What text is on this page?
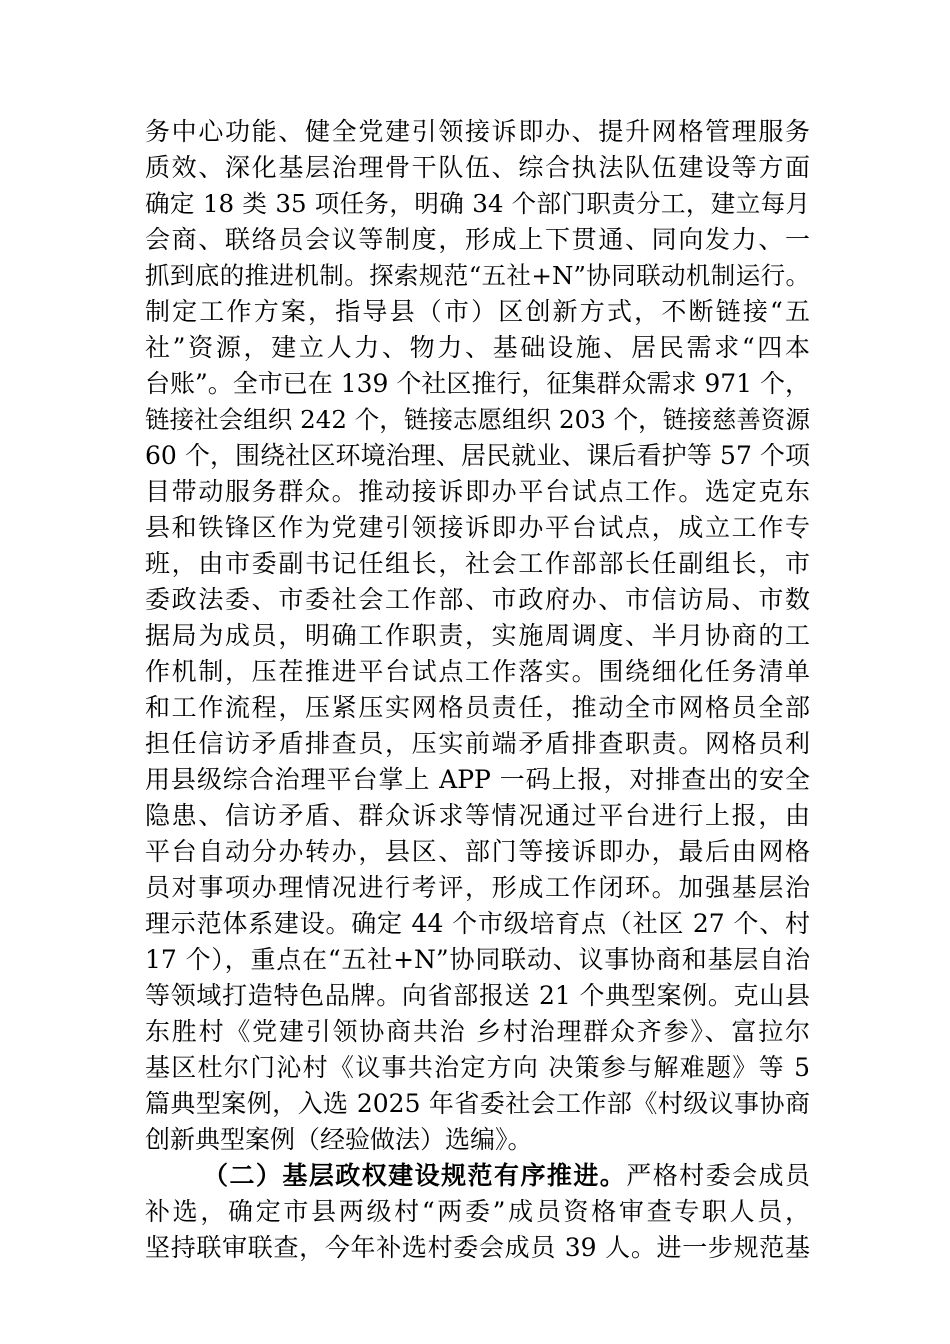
务中心功能、健全党建引领接诉即办、提升网格管理服务
质效、深化基层治理骨干队伍、综合执法队伍建设等方面
确定 18 类 35 项任务，明确 34 个部门职责分工，建立每月
会商、联络员会议等制度，形成上下贯通、同向发力、一
抓到底的推进机制。探索规范“五社+N”协同联动机制运行。
制定工作方案，指导县（市）区创新方式，不断链接“五
社”资源，建立人力、物力、基础设施、居民需求“四本
台账”。全市已在 139 个社区推行，征集群众需求 971 个，
链接社会组织 242 个，链接志愿组织 203 个，链接慈善资源
60 个，围绕社区环境治理、居民就业、课后看护等 57 个项
目带动服务群众。推动接诉即办平台试点工作。选定克东
县和铁锋区作为党建引领接诉即办平台试点，成立工作专
班，由市委副书记任组长，社会工作部部长任副组长，市
委政法委、市委社会工作部、市政府办、市信访局、市数
据局为成员，明确工作职责，实施周调度、半月协商的工
作机制，压茬推进平台试点工作落实。围绕细化任务清单
和工作流程，压紧压实网格员责任，推动全市网格员全部
担任信访矛盾排查员，压实前端矛盾排查职责。网格员利
用县级综合治理平台掌上 APP 一码上报，对排查出的安全
隐患、信访矛盾、群众诉求等情况通过平台进行上报，由
平台自动分办转办，县区、部门等接诉即办，最后由网格
员对事项办理情况进行考评，形成工作闭环。加强基层治
理示范体系建设。确定 44 个市级培育点（社区 27 个、村
17 个），重点在“五社+N”协同联动、议事协商和基层自治
等领域打造特色品牌。向省部报送 21 个典型案例。克山县
东胜村《党建引领协商共治 乡村治理群众齐参》、富拉尔
基区杜尔门沁村《议事共治定方向 决策参与解难题》等 5
篇典型案例，入选 2025 年省委社会工作部《村级议事协商
创新典型案例（经验做法）选编》。
（二）基层政权建设规范有序推进。严格村委会成员
补选，确定市县两级村“两委”成员资格审查专职人员，
坚持联审联查，今年补选村委会成员 39 人。进一步规范基
